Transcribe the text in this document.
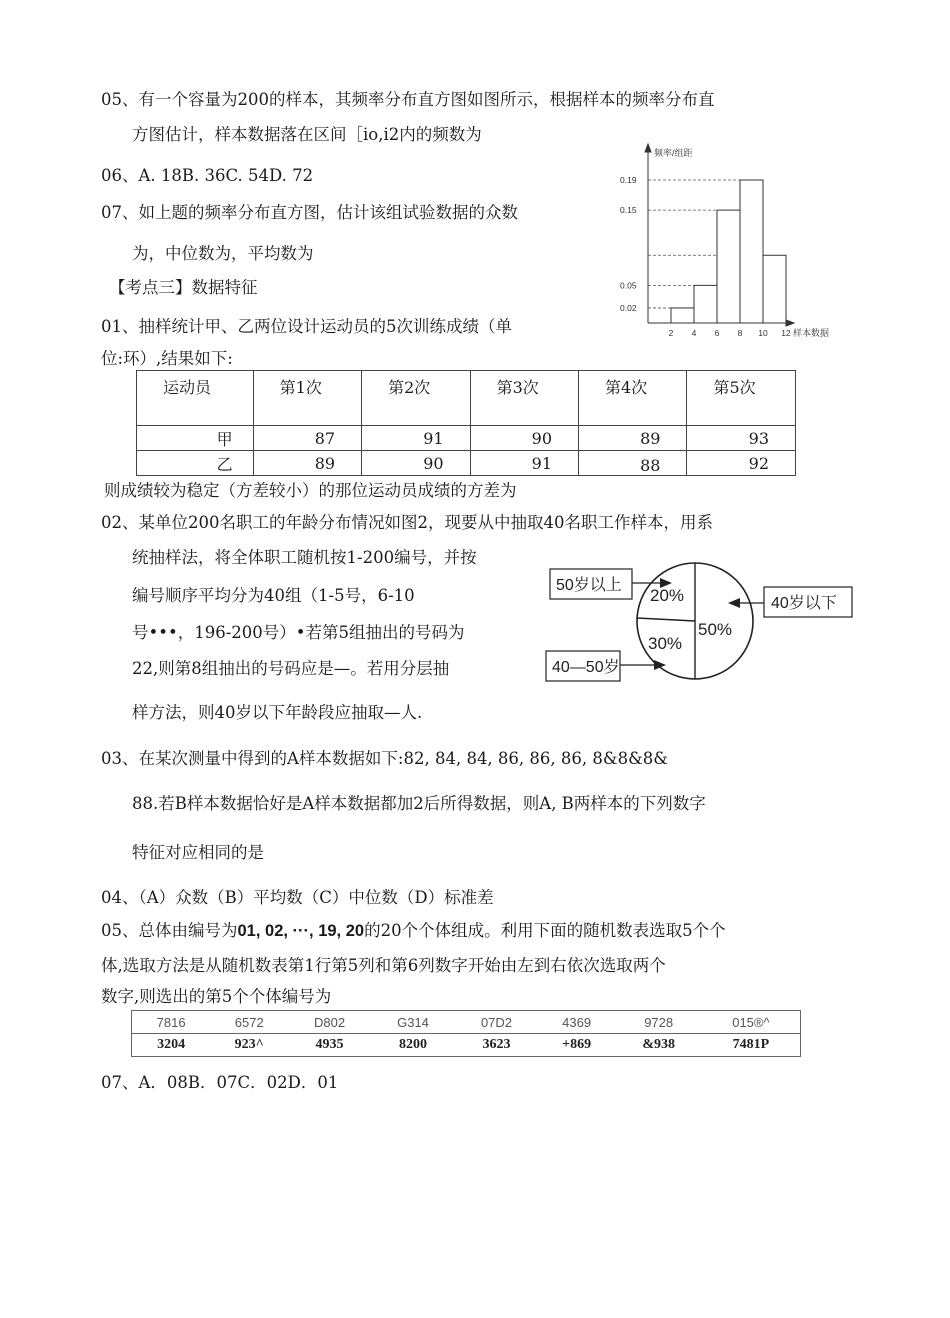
05、有一个容量为200的样本，其频率分布直方图如图所示，根据样本的频率分布直
方图估计，样本数据落在区间［io,i2内的频数为
06、A. 18B. 36C. 54D. 72
07、如上题的频率分布直方图，估计该组试验数据的众数
为，中位数为，平均数为
【考点三】数据特征
01、抽样统计甲、乙两位设计运动员的5次训练成绩（单
位:环）,结果如下:
频率/组距
样本数据
0.19
0.15
0.05
0.02
2 4 6 8 10 12
运动员	第1次	第2次	第3次	第4次	第5次
甲	87	91	90	89	93
乙	89	90	91	88	92
则成绩较为稳定（方差较小）的那位运动员成绩的方差为
02、某单位200名职工的年龄分布情况如图2，现要从中抽取40名职工作样本，用系
统抽样法，将全体职工随机按1-200编号，并按
编号顺序平均分为40组（1-5号，6-10
号•••，196-200号）•若第5组抽出的号码为
22,则第8组抽出的号码应是—。若用分层抽
样方法，则40岁以下年龄段应抽取—人.
50%
30%
20%
50岁以上
40岁以下
40—50岁
03、在某次测量中得到的A样本数据如下:82, 84, 84, 86, 86, 86, 8&8&8&
88.若B样本数据恰好是A样本数据都加2后所得数据，则A, B两样本的下列数字
特征对应相同的是
04、（A）众数（B）平均数（C）中位数（D）标准差
05、总体由编号为01, 02, ···, 19, 20的20个个体组成。利用下面的随机数表选取5个个
体,选取方法是从随机数表第1行第5列和第6列数字开始由左到右依次选取两个
数字,则选出的第5个个体编号为
7816	6572	D802	G314	07D2	4369	9728	015®^
3204	923^	4935	8200	3623	+869	&938	7481P
07、A．08B．07C．02D．01
